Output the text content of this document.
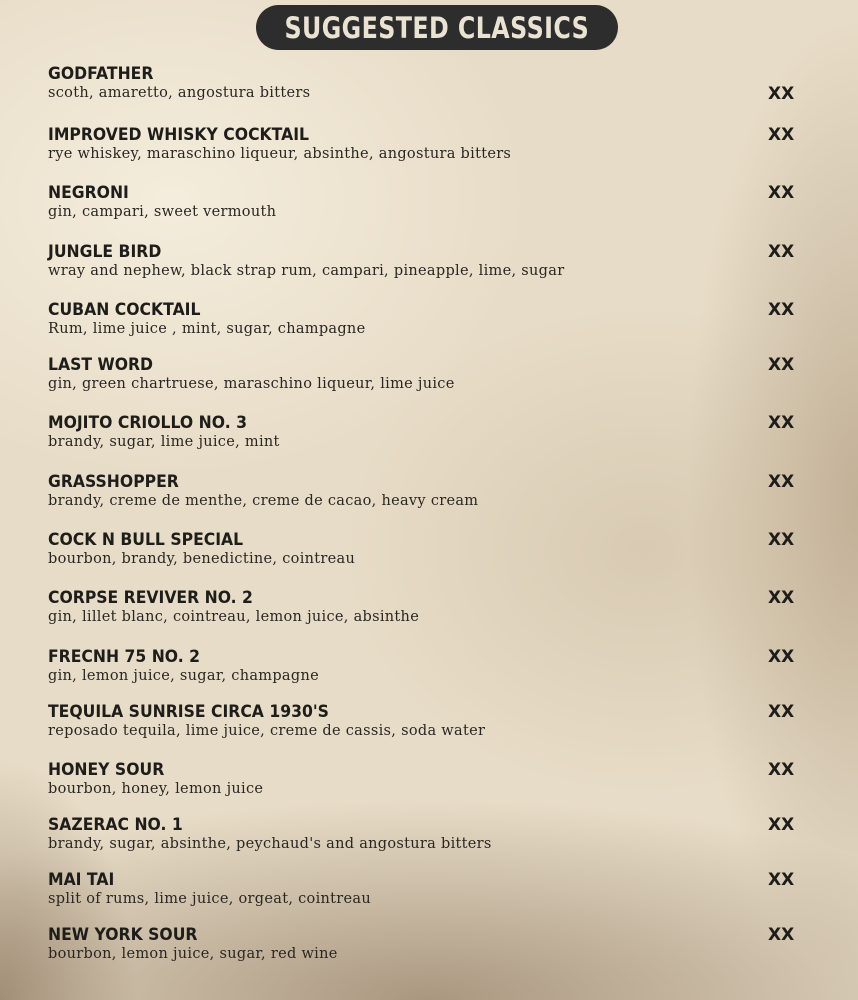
SUGGESTED CLASSICS
GODFATHER
scoth, amaretto, angostura bitters	XX
IMPROVED WHISKY COCKTAIL
rye whiskey, maraschino liqueur, absinthe, angostura bitters
XX
NEGRONI
gin, campari, sweet vermouth
XX
JUNGLE BIRD
wray and nephew, black strap rum, campari, pineapple, lime, sugar
XX
CUBAN COCKTAIL
Rum, lime juice , mint, sugar, champagne
XX
LAST WORD
gin, green chartruese, maraschino liqueur, lime juice
XX
MOJITO CRIOLLO NO. 3
brandy, sugar, lime juice, mint
XX
GRASSHOPPER
brandy, creme de menthe, creme de cacao, heavy cream
XX
COCK N BULL SPECIAL
bourbon, brandy, benedictine, cointreau
XX
CORPSE REVIVER NO. 2
gin, lillet blanc, cointreau, lemon juice, absinthe
XX
FRECNH 75 NO. 2
gin, lemon juice, sugar, champagne
XX
TEQUILA SUNRISE CIRCA 1930'S
reposado tequila, lime juice, creme de cassis, soda water
XX
HONEY SOUR
bourbon, honey, lemon juice
XX
SAZERAC NO. 1
brandy, sugar, absinthe, peychaud's and angostura bitters
XX
MAI TAI
split of rums, lime juice, orgeat, cointreau
XX
NEW YORK SOUR
bourbon, lemon juice, sugar, red wine
XX
